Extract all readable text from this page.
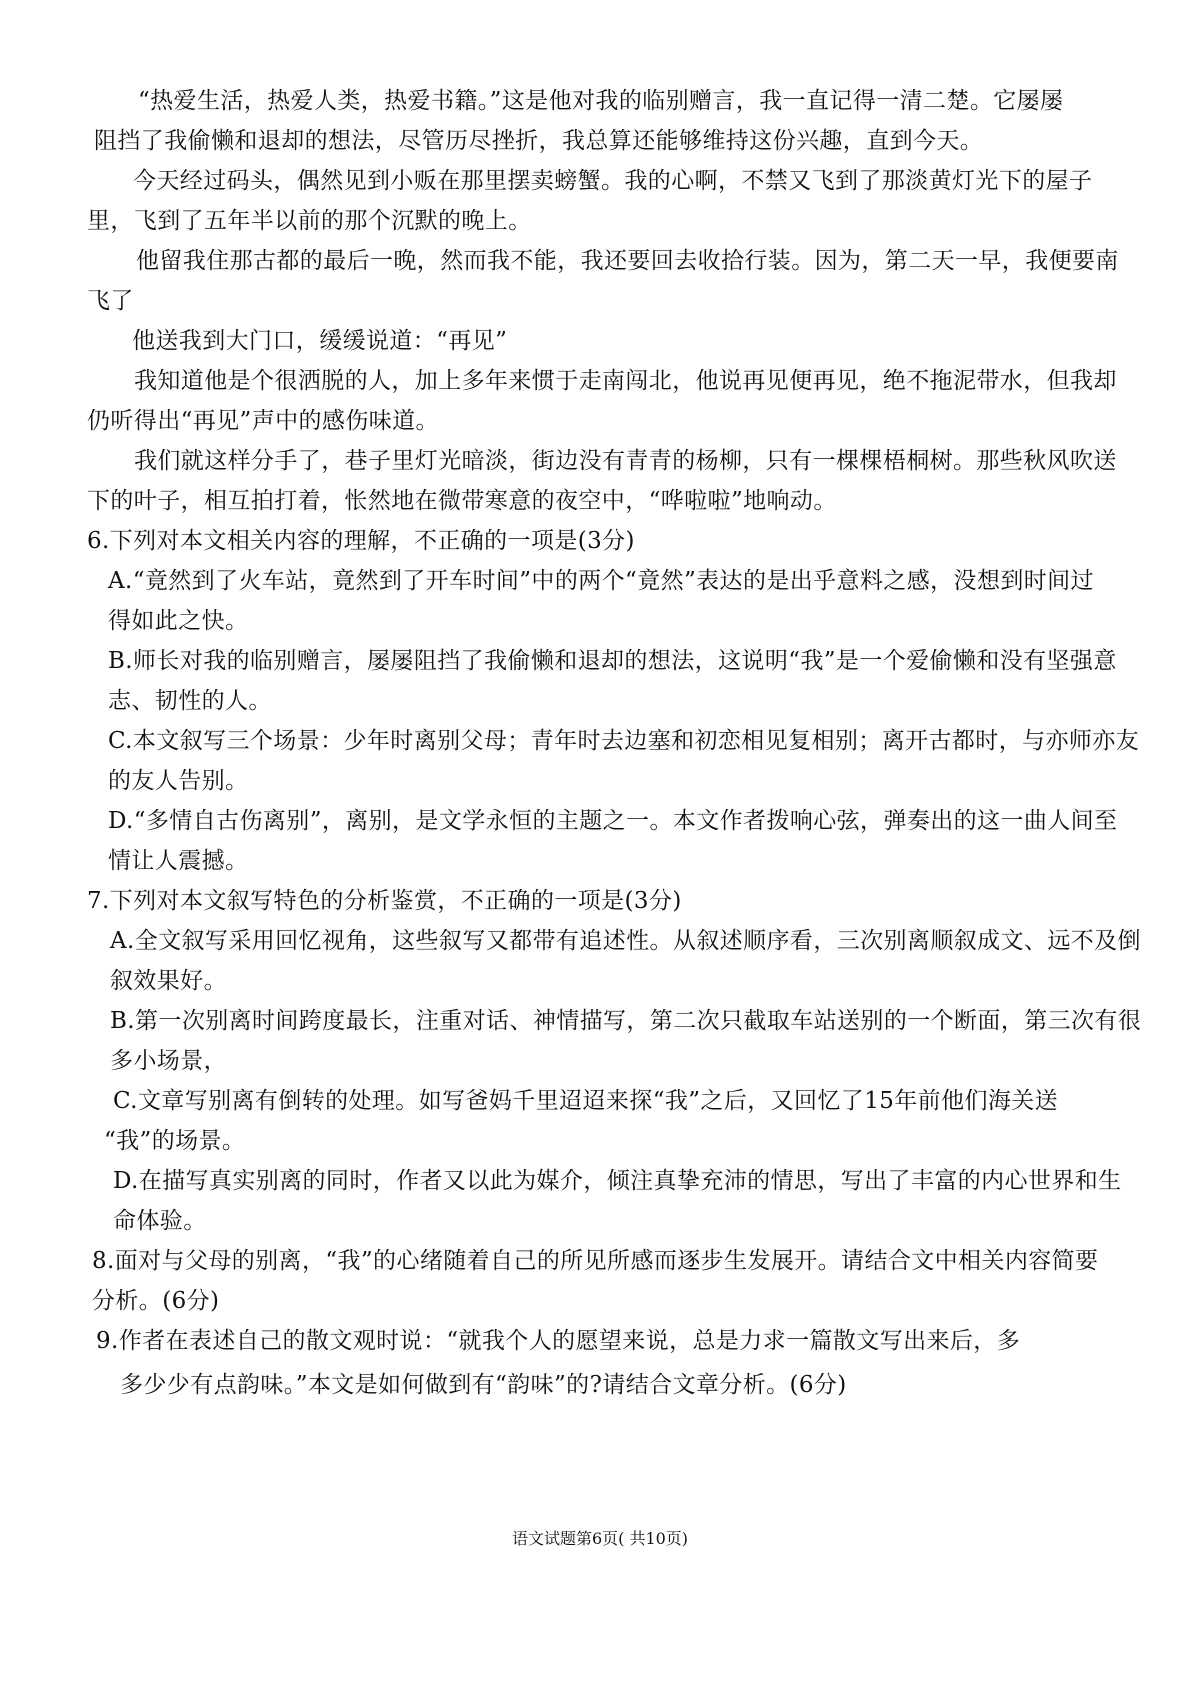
“热爱生活，热爱人类，热爱书籍。”这是他对我的临别赠言，我一直记得一清二楚。它屡屡
阻挡了我偷懒和退却的想法，尽管历尽挫折，我总算还能够维持这份兴趣，直到今天。
今天经过码头，偶然见到小贩在那里摆卖螃蟹。我的心啊，不禁又飞到了那淡黄灯光下的屋子
里，飞到了五年半以前的那个沉默的晚上。
他留我住那古都的最后一晚，然而我不能，我还要回去收拾行装。因为，第二天一早，我便要南
飞了
他送我到大门口，缓缓说道：“再见”
我知道他是个很洒脱的人，加上多年来惯于走南闯北，他说再见便再见，绝不拖泥带水，但我却
仍听得出“再见”声中的感伤味道。
我们就这样分手了，巷子里灯光暗淡，街边没有青青的杨柳，只有一棵棵梧桐树。那些秋风吹送
下的叶子，相互拍打着，怅然地在微带寒意的夜空中，“哗啦啦”地响动。
6.下列对本文相关内容的理解，不正确的一项是(3分)
A.“竟然到了火车站，竟然到了开车时间”中的两个“竟然”表达的是出乎意料之感，没想到时间过
得如此之快。
B.师长对我的临别赠言，屡屡阻挡了我偷懒和退却的想法，这说明“我”是一个爱偷懒和没有坚强意
志、韧性的人。
C.本文叙写三个场景：少年时离别父母；青年时去边塞和初恋相见复相别；离开古都时，与亦师亦友
的友人告别。
D.“多情自古伤离别”，离别，是文学永恒的主题之一。本文作者拨响心弦，弹奏出的这一曲人间至
情让人震撼。
7.下列对本文叙写特色的分析鉴赏，不正确的一项是(3分)
A.全文叙写采用回忆视角，这些叙写又都带有追述性。从叙述顺序看，三次别离顺叙成文、远不及倒
叙效果好。
B.第一次别离时间跨度最长，注重对话、神情描写，第二次只截取车站送别的一个断面，第三次有很
多小场景，
C.文章写别离有倒转的处理。如写爸妈千里迢迢来探“我”之后，又回忆了15年前他们海关送
“我”的场景。
D.在描写真实别离的同时，作者又以此为媒介，倾注真挚充沛的情思，写出了丰富的内心世界和生
命体验。
8.面对与父母的别离，“我”的心绪随着自己的所见所感而逐步生发展开。请结合文中相关内容简要
分析。(6分)
9.作者在表述自己的散文观时说：“就我个人的愿望来说，总是力求一篇散文写出来后，多
多少少有点韵味。”本文是如何做到有“韵味”的?请结合文章分析。(6分)
语文试题第6页( 共10页)
